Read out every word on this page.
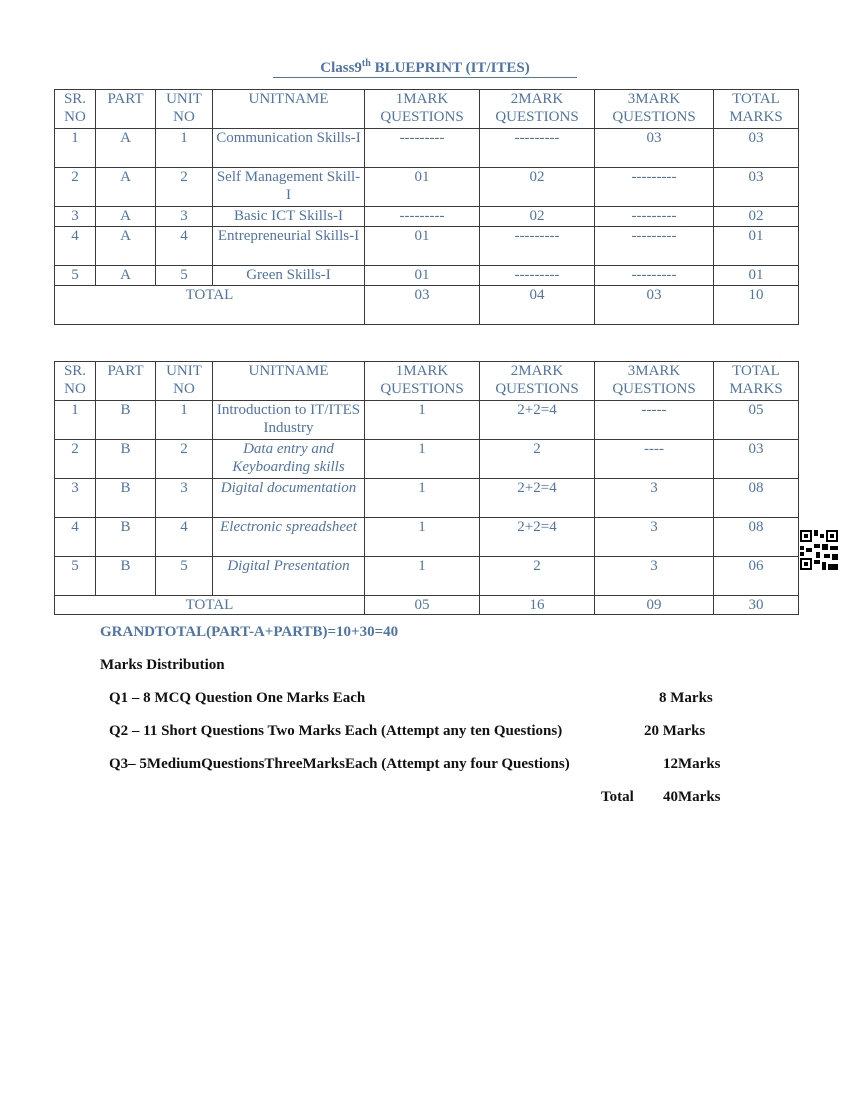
Class9th BLUEPRINT (IT/ITES)
SR. NO	PART	UNIT NO	UNITNAME	1MARK QUESTIONS	2MARK QUESTIONS	3MARK QUESTIONS	TOTAL MARKS
1	A	1	Communication Skills-I	---------	---------	03	03
2	A	2	Self Management Skill-I	01	02	---------	03
3	A	3	Basic ICT Skills-I	---------	02	---------	02
4	A	4	Entrepreneurial Skills-I	01	---------	---------	01
5	A	5	Green Skills-I	01	---------	---------	01
TOTAL				03	04	03	10
SR. NO	PART	UNIT NO	UNITNAME	1MARK QUESTIONS	2MARK QUESTIONS	3MARK QUESTIONS	TOTAL MARKS
1	B	1	Introduction to IT/ITES Industry	1	2+2=4	-----	05
2	B	2	Data entry and Keyboarding skills	1	2	----	03
3	B	3	Digital documentation	1	2+2=4	3	08
4	B	4	Electronic spreadsheet	1	2+2=4	3	08
5	B	5	Digital Presentation	1	2	3	06
TOTAL				05	16	09	30
GRANDTOTAL(PART-A+PARTB)=10+30=40
Marks Distribution
Q1 – 8 MCQ Question One Marks Each	8 Marks
Q2 – 11 Short Questions Two Marks Each (Attempt any ten Questions)	20 Marks
Q3– 5MediumQuestionsThreeMarksEach (Attempt any four Questions)	12Marks
Total 40Marks
